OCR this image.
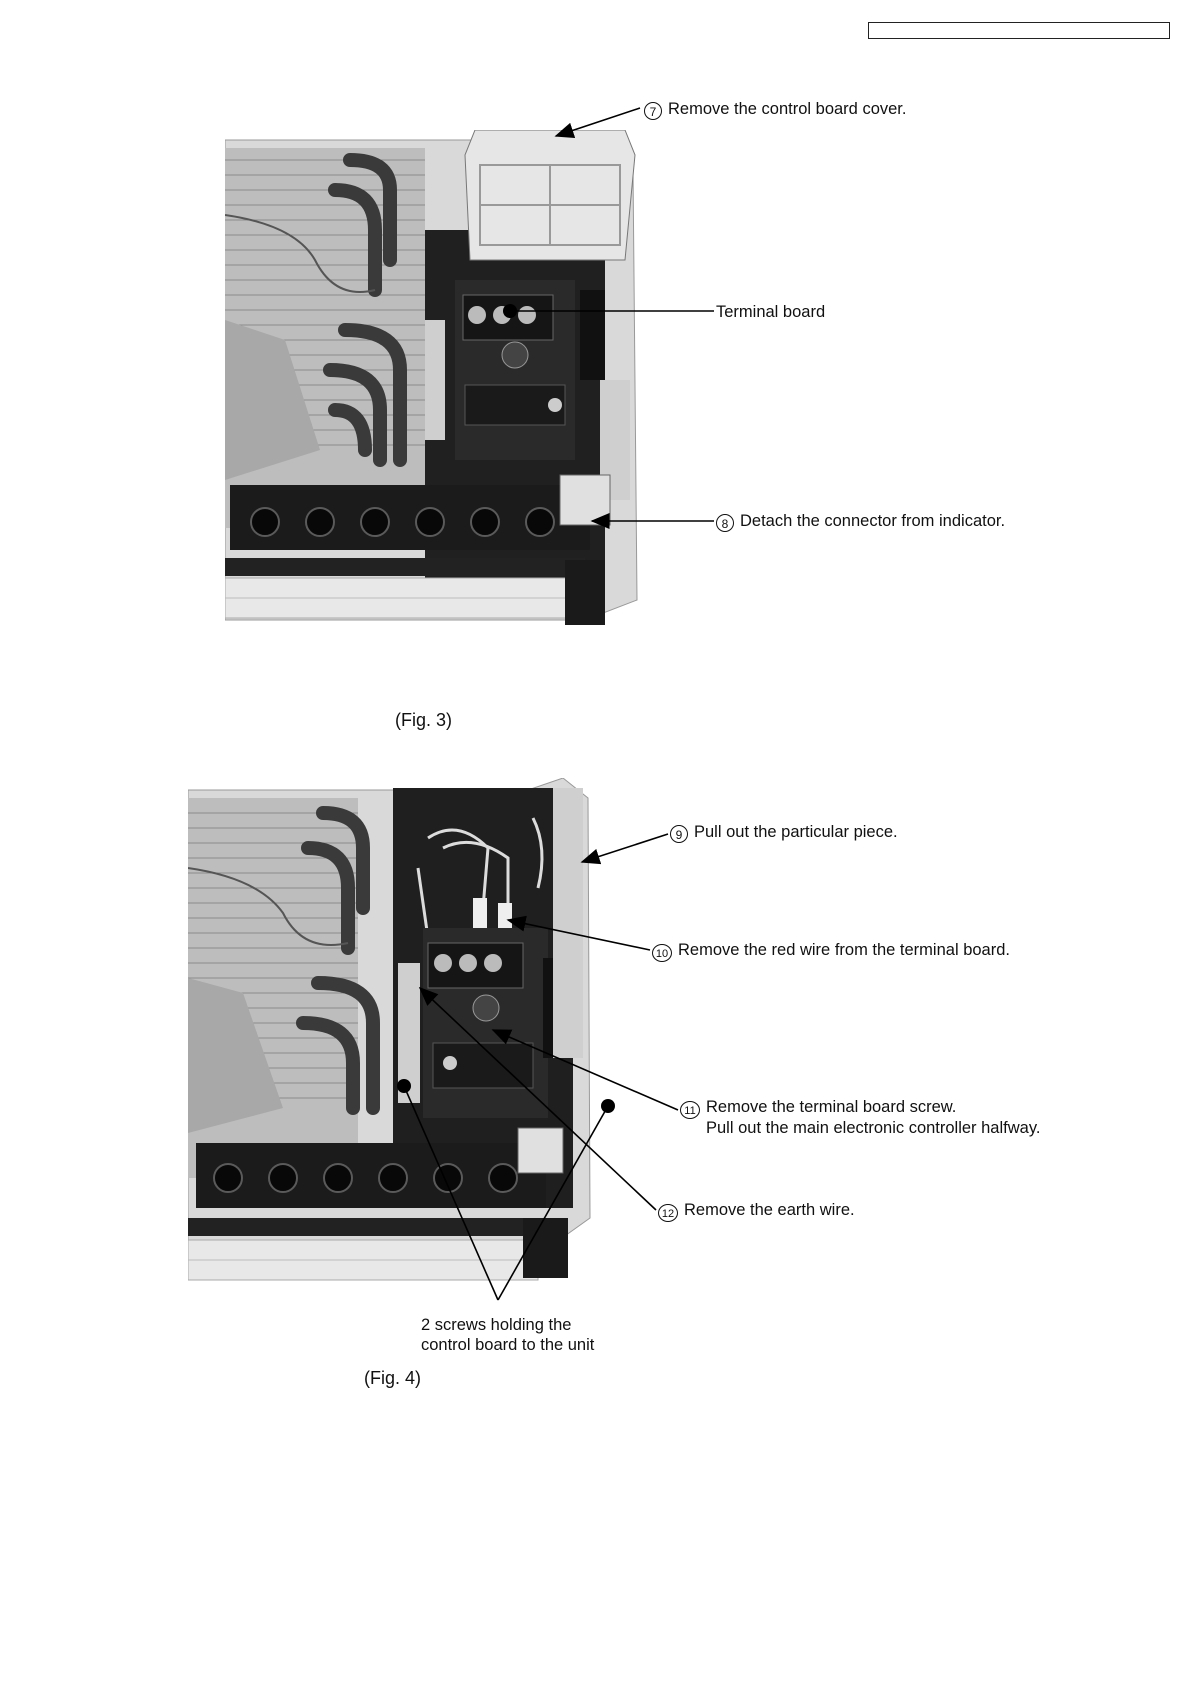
7 Remove the control board cover.
Terminal board
8 Detach the connector from indicator.
(Fig. 3)
9 Pull out the particular piece.
10 Remove the red wire from the terminal board.
11 Remove the terminal board screw.
Pull out the main electronic controller halfway.
12 Remove the earth wire.
2 screws holding the
control board to the unit
(Fig. 4)
